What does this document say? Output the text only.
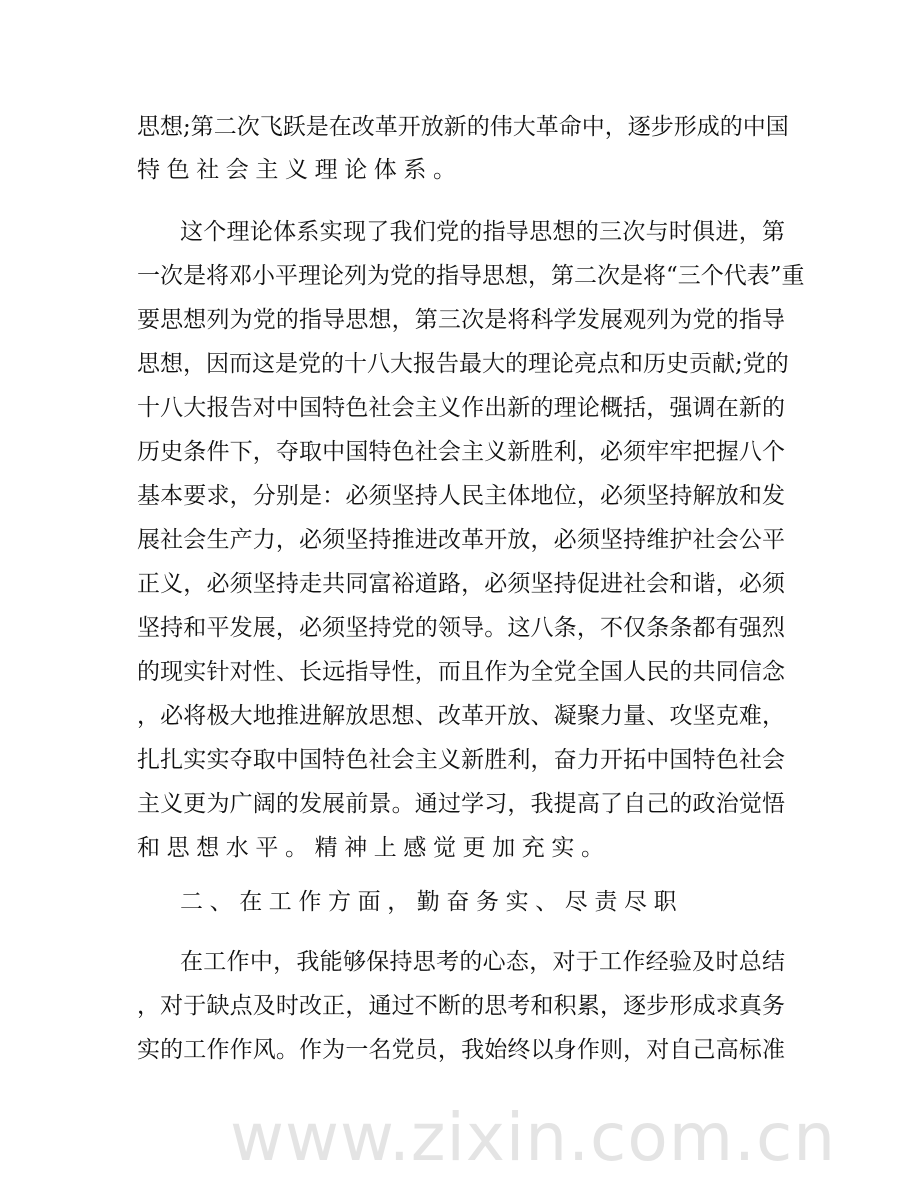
思想;第二次飞跃是在改革开放新的伟大革命中，逐步形成的中国
特色社会主义理论体系。
这个理论体系实现了我们党的指导思想的三次与时俱进，第
一次是将邓小平理论列为党的指导思想，第二次是将“三个代表”重
要思想列为党的指导思想，第三次是将科学发展观列为党的指导
思想，因而这是党的十八大报告最大的理论亮点和历史贡献;党的
十八大报告对中国特色社会主义作出新的理论概括，强调在新的
历史条件下，夺取中国特色社会主义新胜利，必须牢牢把握八个
基本要求，分别是：必须坚持人民主体地位，必须坚持解放和发
展社会生产力，必须坚持推进改革开放，必须坚持维护社会公平
正义，必须坚持走共同富裕道路，必须坚持促进社会和谐，必须
坚持和平发展，必须坚持党的领导。这八条，不仅条条都有强烈
的现实针对性、长远指导性，而且作为全党全国人民的共同信念
，必将极大地推进解放思想、改革开放、凝聚力量、攻坚克难，
扎扎实实夺取中国特色社会主义新胜利，奋力开拓中国特色社会
主义更为广阔的发展前景。通过学习，我提高了自己的政治觉悟
和思想水平。精神上感觉更加充实。
二、在工作方面，勤奋务实、尽责尽职
在工作中，我能够保持思考的心态，对于工作经验及时总结
，对于缺点及时改正，通过不断的思考和积累，逐步形成求真务
实的工作作风。作为一名党员，我始终以身作则，对自己高标准
www.zixin.com.cn
